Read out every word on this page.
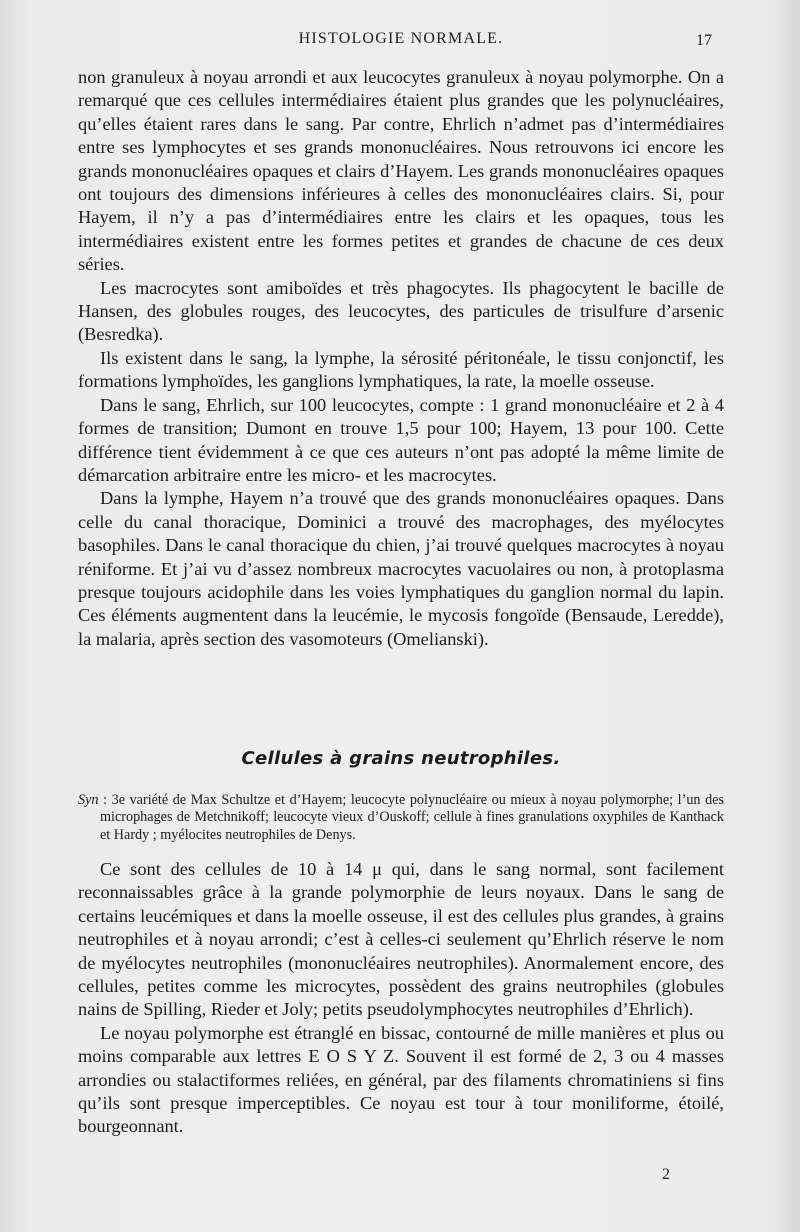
HISTOLOGIE NORMALE.	17

non granuleux à noyau arrondi et aux leucocytes granuleux à noyau polymorphe. On a remarqué que ces cellules intermédiaires étaient plus grandes que les polynucléaires, qu’elles étaient rares dans le sang. Par contre, Ehrlich n’admet pas d’intermédiaires entre ses lymphocytes et ses grands mononucléaires. Nous retrouvons ici encore les grands mononucléaires opaques et clairs d’Hayem. Les grands mononucléaires opaques ont toujours des dimensions inférieures à celles des mononucléaires clairs. Si, pour Hayem, il n’y a pas d’intermédiaires entre les clairs et les opaques, tous les intermédiaires existent entre les formes petites et grandes de chacune de ces deux séries.

Les macrocytes sont amiboïdes et très phagocytes. Ils phagocytent le bacille de Hansen, des globules rouges, des leucocytes, des particules de trisulfure d’arsenic (Besredka).

Ils existent dans le sang, la lymphe, la sérosité péritonéale, le tissu conjonctif, les formations lymphoïdes, les ganglions lymphatiques, la rate, la moelle osseuse.

Dans le sang, Ehrlich, sur 100 leucocytes, compte : 1 grand mononucléaire et 2 à 4 formes de transition; Dumont en trouve 1,5 pour 100; Hayem, 13 pour 100. Cette différence tient évidemment à ce que ces auteurs n’ont pas adopté la même limite de démarcation arbitraire entre les micro- et les macrocytes.

Dans la lymphe, Hayem n’a trouvé que des grands mononucléaires opaques. Dans celle du canal thoracique, Dominici a trouvé des macrophages, des myélocytes basophiles. Dans le canal thoracique du chien, j’ai trouvé quelques macrocytes à noyau réniforme. Et j’ai vu d’assez nombreux macrocytes vacuolaires ou non, à protoplasma presque toujours acidophile dans les voies lymphatiques du ganglion normal du lapin. Ces éléments augmentent dans la leucémie, le mycosis fongoïde (Bensaude, Leredde), la malaria, après section des vasomoteurs (Omelianski).

Cellules à grains neutrophiles.
Syn : 3e variété de Max Schultze et d’Hayem; leucocyte polynucléaire ou mieux à noyau polymorphe; l’un des microphages de Metchnikoff; leucocyte vieux d’Ouskoff; cellule à fines granulations oxyphiles de Kanthack et Hardy ; myélocites neutrophiles de Denys.

Ce sont des cellules de 10 à 14 μ qui, dans le sang normal, sont facilement reconnaissables grâce à la grande polymorphie de leurs noyaux. Dans le sang de certains leucémiques et dans la moelle osseuse, il est des cellules plus grandes, à grains neutrophiles et à noyau arrondi; c’est à celles-ci seulement qu’Ehrlich réserve le nom de myélocytes neutrophiles (mononucléaires neutrophiles). Anormalement encore, des cellules, petites comme les microcytes, possèdent des grains neutrophiles (globules nains de Spilling, Rieder et Joly; petits pseudolymphocytes neutrophiles d’Ehrlich).

Le noyau polymorphe est étranglé en bissac, contourné de mille manières et plus ou moins comparable aux lettres E O S Y Z. Souvent il est formé de 2, 3 ou 4 masses arrondies ou stalactiformes reliées, en général, par des filaments chromatiniens si fins qu’ils sont presque imperceptibles. Ce noyau est tour à tour moniliforme, étoilé, bourgeonnant.

2
